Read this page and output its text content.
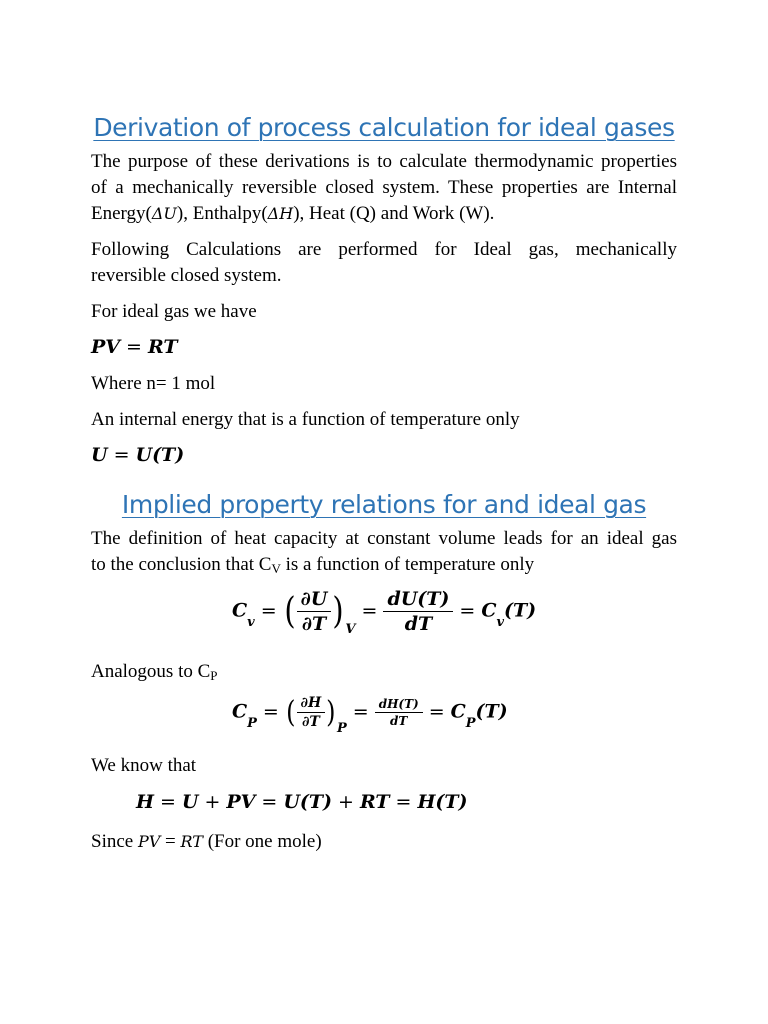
Derivation of process calculation for ideal gases
The purpose of these derivations is to calculate thermodynamic properties
of a mechanically reversible closed system. These properties are Internal
Energy(ΔU), Enthalpy(ΔH), Heat (Q) and Work (W).
Following Calculations are performed for Ideal gas, mechanically
reversible closed system.
For ideal gas we have
PV = RT
Where n= 1 mol
An internal energy that is a function of temperature only
U = U(T)
Implied property relations for and ideal gas
The definition of heat capacity at constant volume leads for an ideal gas
to the conclusion that CV is a function of temperature only
$C_v=$ ( $\frac{\partial U}{\partial T} )_V= \frac{dU(T)}{dT} = C_v(T)$
Analogous to CP
$C_P=$ ( $\frac{\partial H}{\partial T} )_P= \frac{dH(T)}{dT} = C_P(T)$
We know that
H = U + PV = U(T) + RT = H(T)
Since PV = RT (For one mole)
